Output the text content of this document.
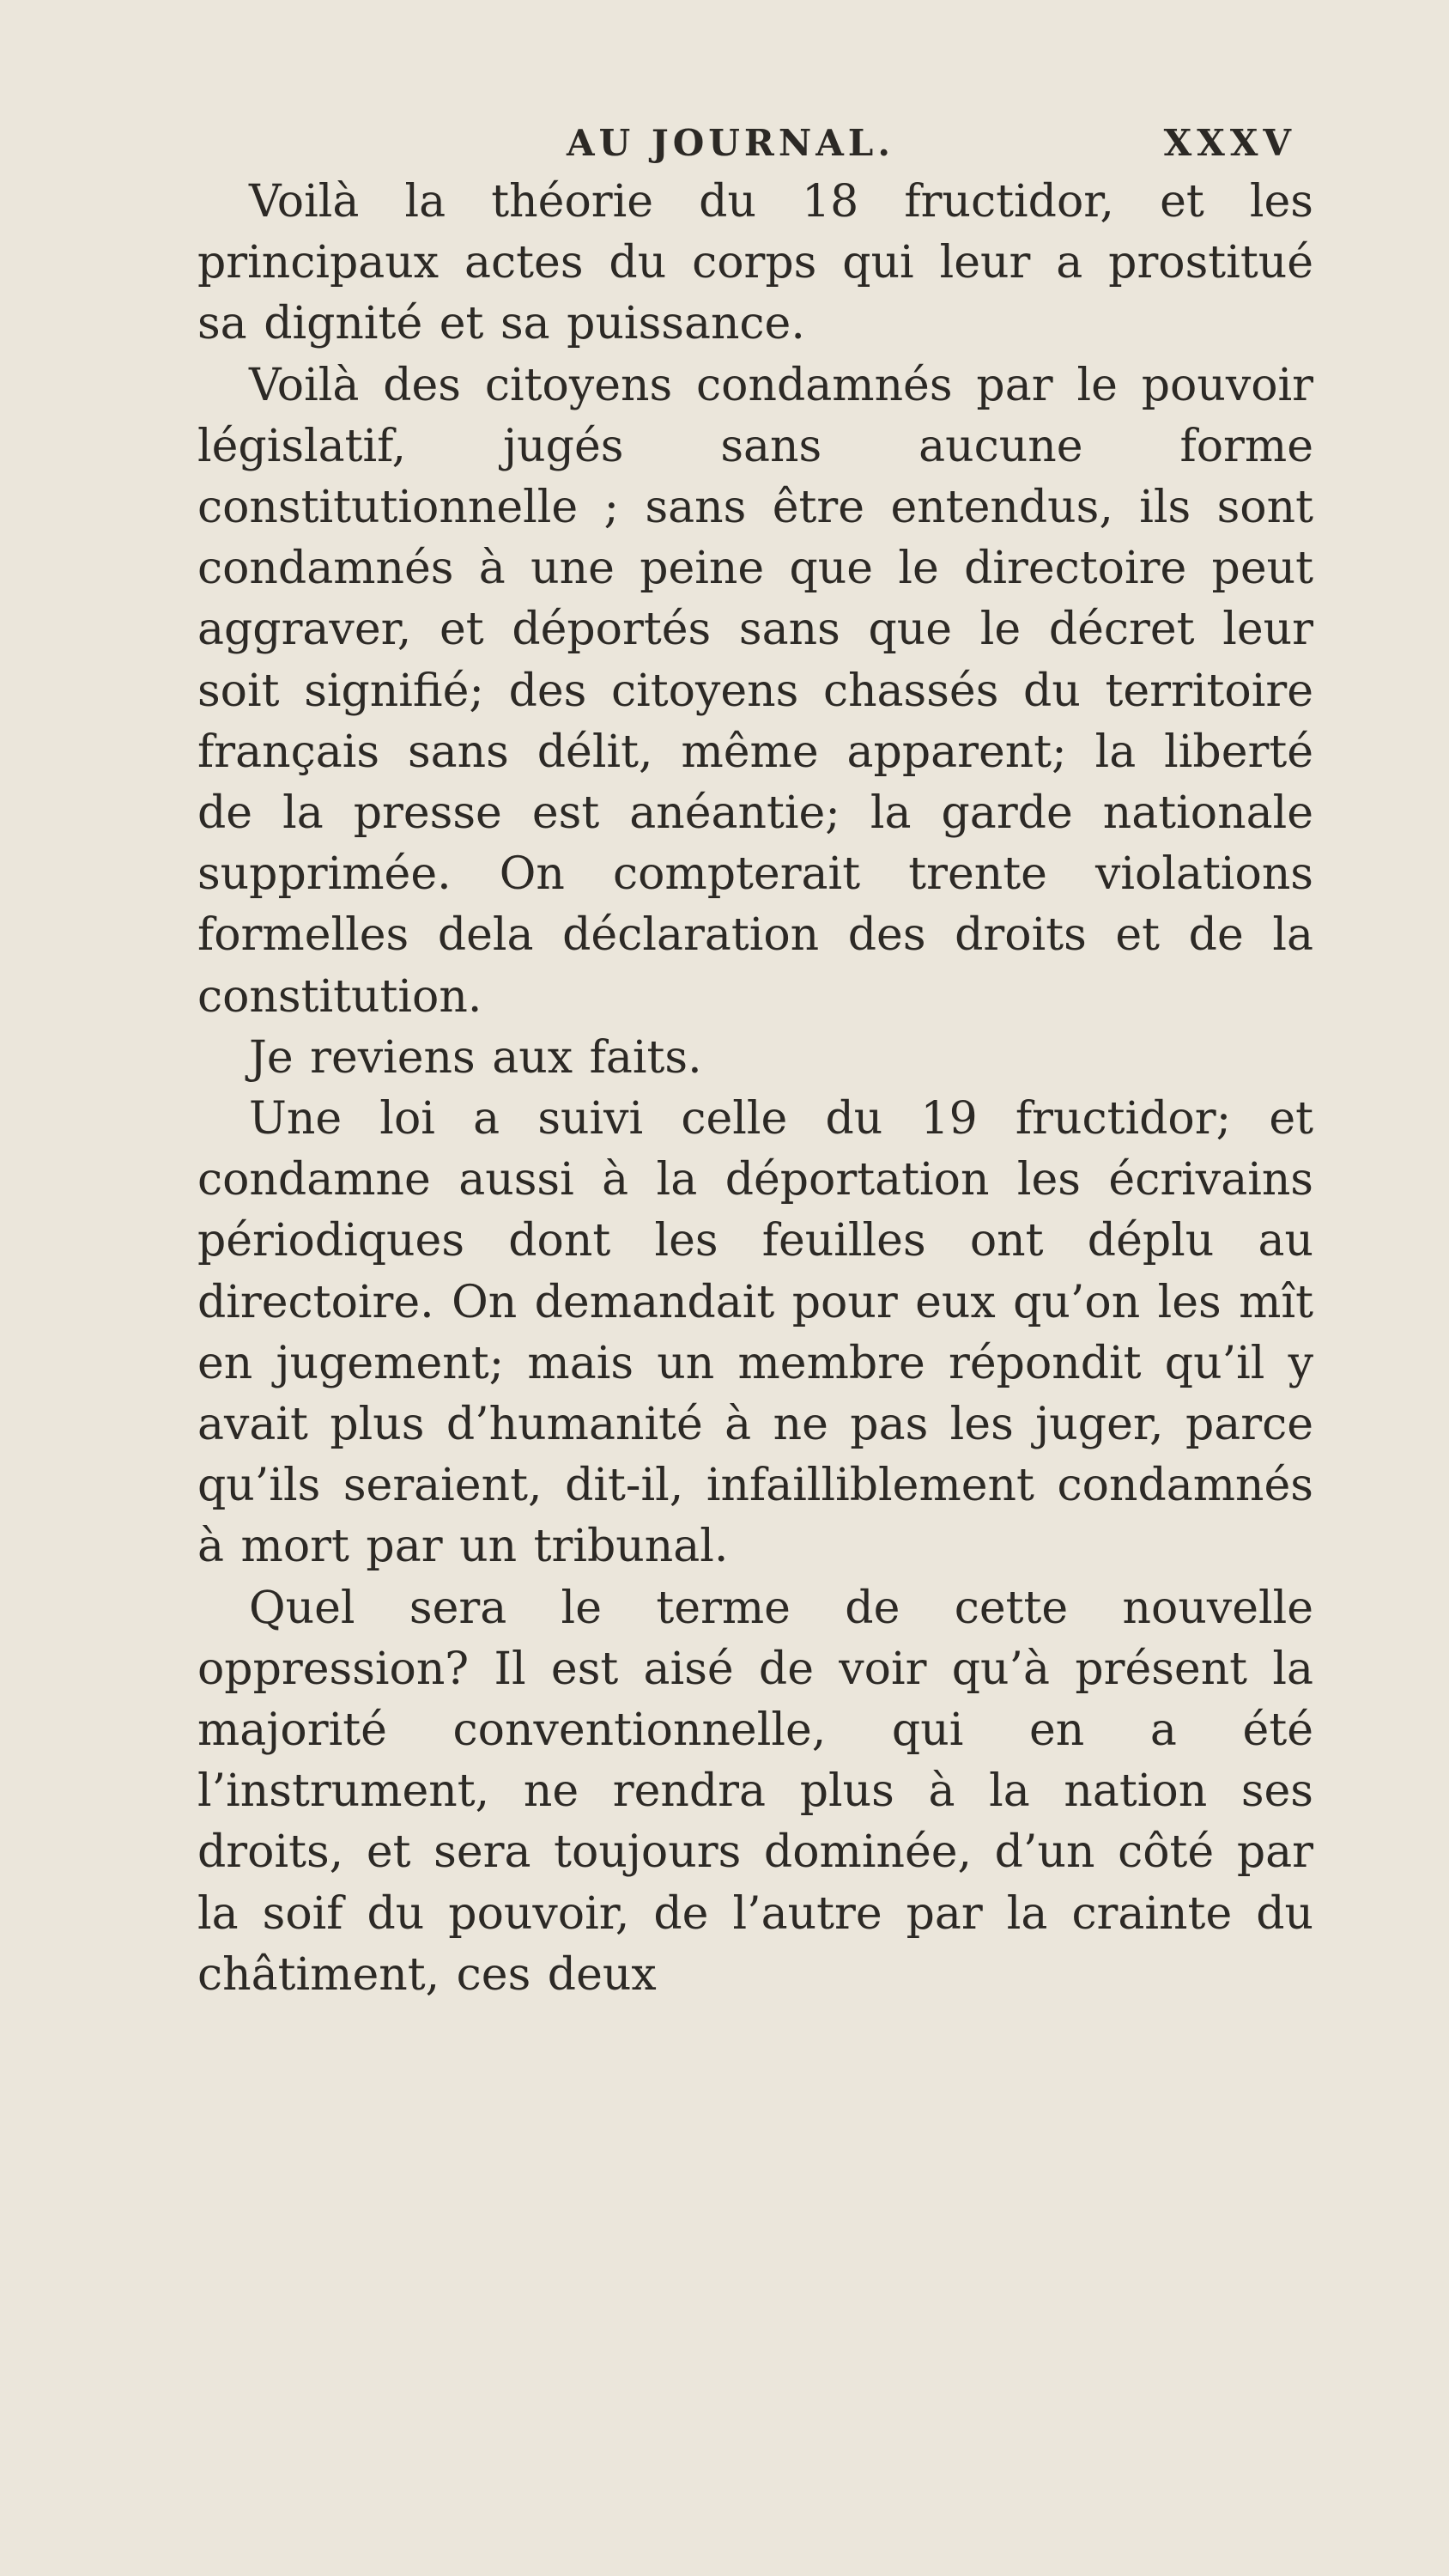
AU JOURNAL.	XXXV

Voilà la théorie du 18 fructidor, et les principaux actes du corps qui leur a prostitué sa dignité et sa puissance.

Voilà des citoyens condamnés par le pouvoir législatif, jugés sans aucune forme constitutionnelle ; sans être entendus, ils sont condamnés à une peine que le directoire peut aggraver, et déportés sans que le décret leur soit signifié; des citoyens chassés du territoire français sans délit, même apparent; la liberté de la presse est anéantie; la garde nationale supprimée. On compterait trente violations formelles dela déclaration des droits et de la constitution.

Je reviens aux faits.

Une loi a suivi celle du 19 fructidor; et condamne aussi à la déportation les écrivains périodiques dont les feuilles ont déplu au directoire. On demandait pour eux qu’on les mît en jugement; mais un membre répondit qu’il y avait plus d’humanité à ne pas les juger, parce qu’ils seraient, dit-il, infailliblement condamnés à mort par un tribunal.

Quel sera le terme de cette nouvelle oppression? Il est aisé de voir qu’à présent la majorité conventionnelle, qui en a été l’instrument, ne rendra plus à la nation ses droits, et sera toujours dominée, d’un côté par la soif du pouvoir, de l’autre par la crainte du châtiment, ces deux
